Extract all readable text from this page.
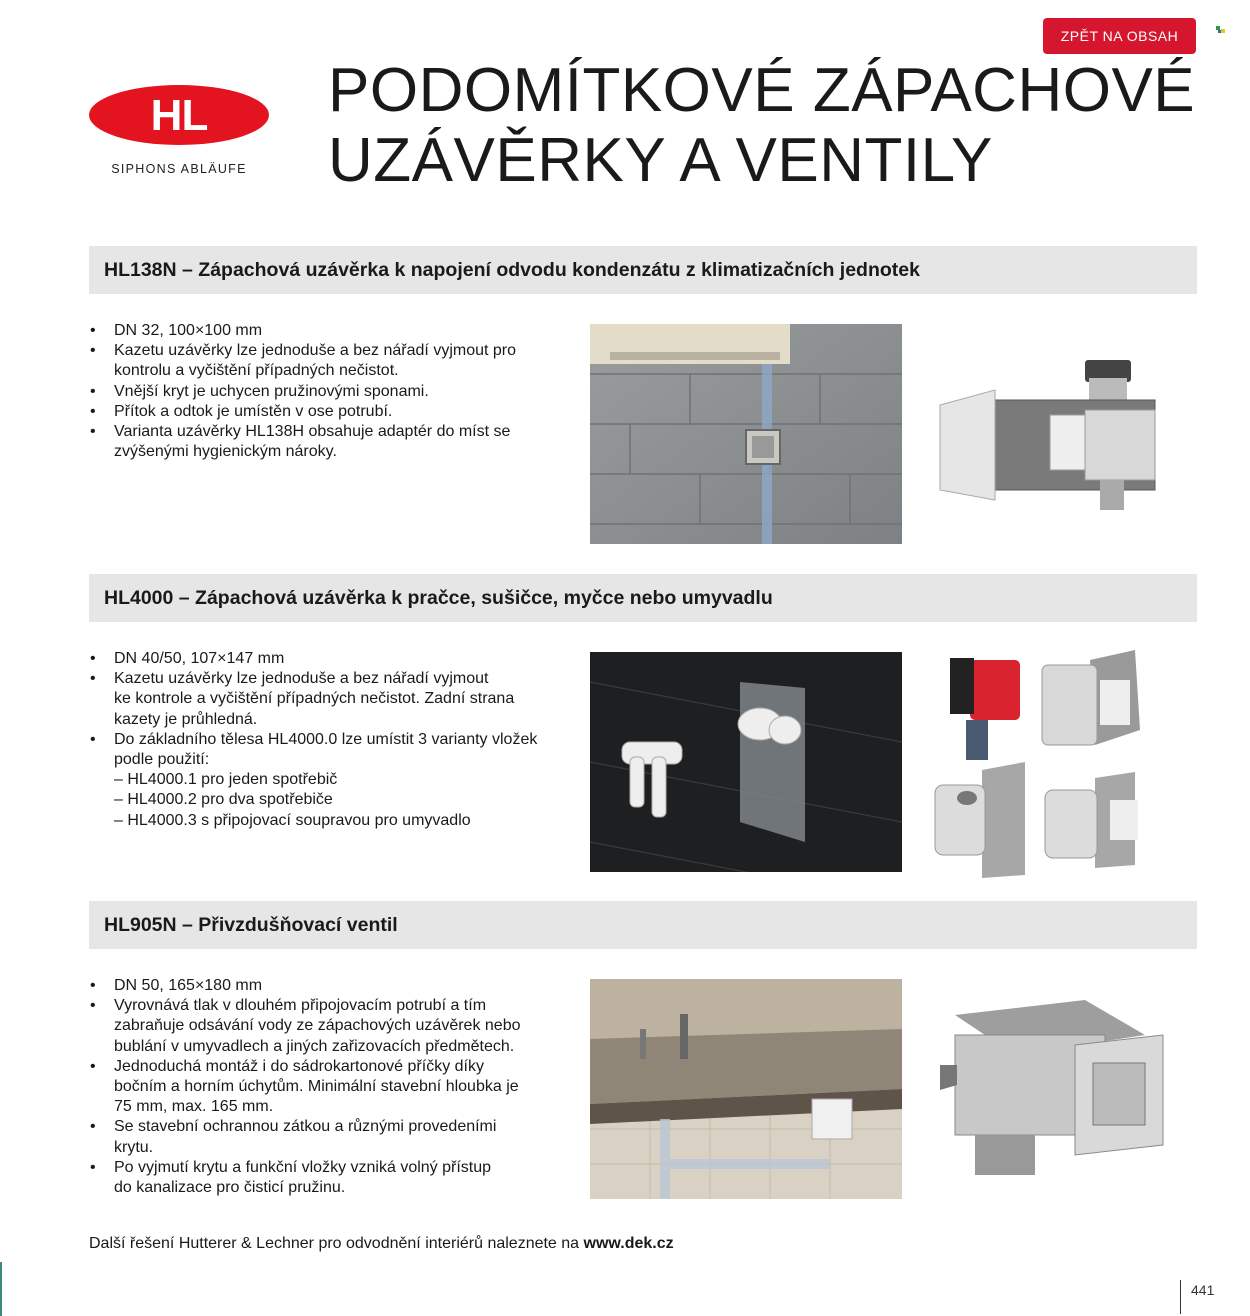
ZPĚT NA OBSAH
HL
SIPHONS ABLÄUFE
PODOMÍTKOVÉ ZÁPACHOVÉ
UZÁVĚRKY A VENTILY
HL138N – Zápachová uzávěrka k napojení odvodu kondenzátu z klimatizačních jednotek
• DN 32, 100×100 mm
• Kazetu uzávěrky lze jednoduše a bez nářadí vyjmout pro
kontrolu a vyčištění případných nečistot.
• Vnější kryt je uchycen pružinovými sponami.
• Přítok a odtok je umístěn v ose potrubí.
• Varianta uzávěrky HL138H obsahuje adaptér do míst se
zvýšenými hygienickým nároky.
HL4000 – Zápachová uzávěrka k pračce, sušičce, myčce nebo umyvadlu
• DN 40/50, 107×147 mm
• Kazetu uzávěrky lze jednoduše a bez nářadí vyjmout
ke kontrole a vyčištění případných nečistot. Zadní strana
kazety je průhledná.
• Do základního tělesa HL4000.0 lze umístit 3 varianty vložek
podle použití:
– HL4000.1 pro jeden spotřebič
– HL4000.2 pro dva spotřebiče
– HL4000.3 s připojovací soupravou pro umyvadlo
HL905N – Přivzdušňovací ventil
• DN 50, 165×180 mm
• Vyrovnává tlak v dlouhém připojovacím potrubí a tím
zabraňuje odsávání vody ze zápachových uzávěrek nebo
bublání v umyvadlech a jiných zařizovacích předmětech.
• Jednoduchá montáž i do sádrokartonové příčky díky
bočním a horním úchytům. Minimální stavební hloubka je
75 mm, max. 165 mm.
• Se stavební ochrannou zátkou a různými provedeními
krytu.
• Po vyjmutí krytu a funkční vložky vzniká volný přístup
do kanalizace pro čisticí pružinu.
Další řešení Hutterer & Lechner pro odvodnění interiérů naleznete na www.dek.cz
441
